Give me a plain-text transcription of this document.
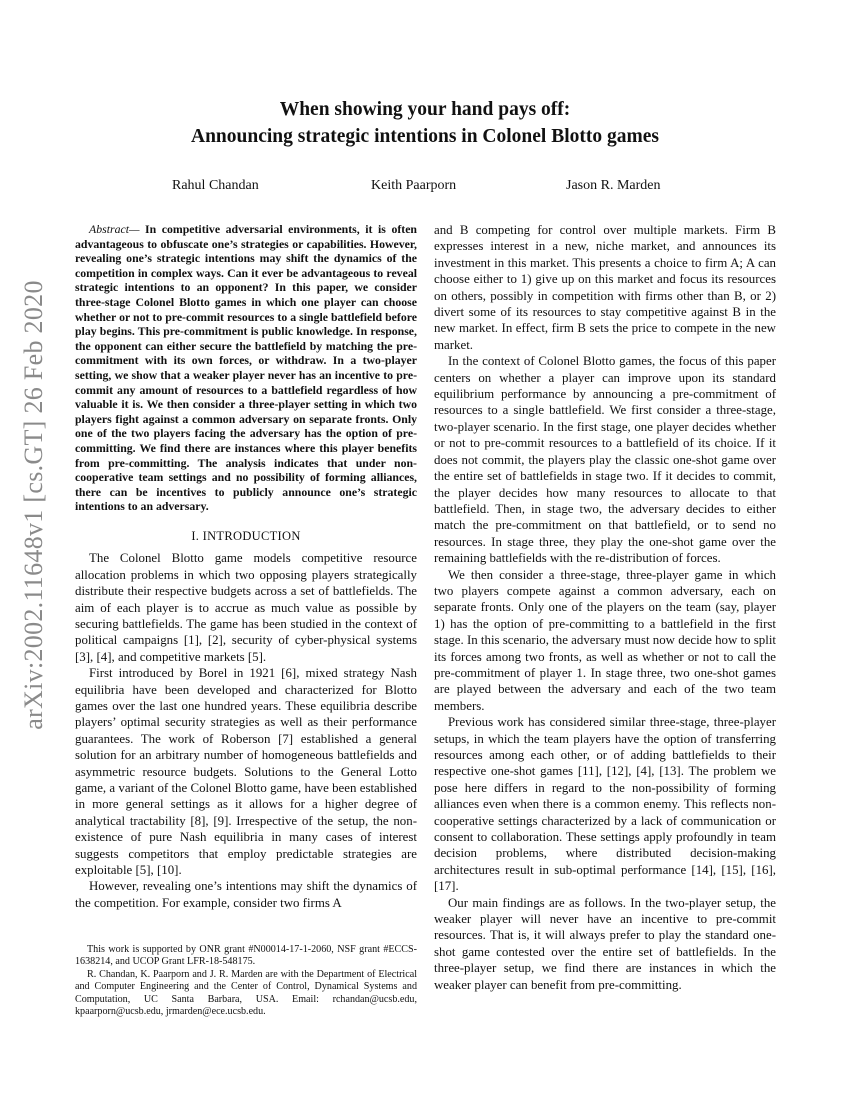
arXiv:2002.11648v1 [cs.GT] 26 Feb 2020
When showing your hand pays off:
Announcing strategic intentions in Colonel Blotto games
Rahul Chandan	Keith Paarporn	Jason R. Marden

Abstract— In competitive adversarial environments, it is often advantageous to obfuscate one’s strategies or capabilities. However, revealing one’s strategic intentions may shift the dynamics of the competition in complex ways. Can it ever be advantageous to reveal strategic intentions to an opponent? In this paper, we consider three-stage Colonel Blotto games in which one player can choose whether or not to pre-commit resources to a single battlefield before play begins. This pre-commitment is public knowledge. In response, the opponent can either secure the battlefield by matching the pre-commitment with its own forces, or withdraw. In a two-player setting, we show that a weaker player never has an incentive to pre-commit any amount of resources to a battlefield regardless of how valuable it is. We then consider a three-player setting in which two players fight against a common adversary on separate fronts. Only one of the two players facing the adversary has the option of pre-committing. We find there are instances where this player benefits from pre-committing. The analysis indicates that under non-cooperative team settings and no possibility of forming alliances, there can be incentives to publicly announce one’s strategic intentions to an adversary.

I. INTRODUCTION

The Colonel Blotto game models competitive resource allocation problems in which two opposing players strategically distribute their respective budgets across a set of battlefields. The aim of each player is to accrue as much value as possible by securing battlefields. The game has been studied in the context of political campaigns [1], [2], security of cyber-physical systems [3], [4], and competitive markets [5].

First introduced by Borel in 1921 [6], mixed strategy Nash equilibria have been developed and characterized for Blotto games over the last one hundred years. These equilibria describe players’ optimal security strategies as well as their performance guarantees. The work of Roberson [7] established a general solution for an arbitrary number of homogeneous battlefields and asymmetric resource budgets. Solutions to the General Lotto game, a variant of the Colonel Blotto game, have been established in more general settings as it allows for a higher degree of analytical tractability [8], [9]. Irrespective of the setup, the non-existence of pure Nash equilibria in many cases of interest suggests competitors that employ predictable strategies are exploitable [5], [10].

However, revealing one’s intentions may shift the dynamics of the competition. For example, consider two firms A

This work is supported by ONR grant #N00014-17-1-2060, NSF grant #ECCS-1638214, and UCOP Grant LFR-18-548175.

R. Chandan, K. Paarporn and J. R. Marden are with the Department of Electrical and Computer Engineering and the Center of Control, Dynamical Systems and Computation, UC Santa Barbara, USA. Email: rchandan@ucsb.edu, kpaarporn@ucsb.edu, jrmarden@ece.ucsb.edu.

and B competing for control over multiple markets. Firm B expresses interest in a new, niche market, and announces its investment in this market. This presents a choice to firm A; A can choose either to 1) give up on this market and focus its resources on others, possibly in competition with firms other than B, or 2) divert some of its resources to stay competitive against B in the new market. In effect, firm B sets the price to compete in the new market.

In the context of Colonel Blotto games, the focus of this paper centers on whether a player can improve upon its standard equilibrium performance by announcing a pre-commitment of resources to a single battlefield. We first consider a three-stage, two-player scenario. In the first stage, one player decides whether or not to pre-commit resources to a battlefield of its choice. If it does not commit, the players play the classic one-shot game over the entire set of battlefields in stage two. If it decides to commit, the player decides how many resources to allocate to that battlefield. Then, in stage two, the adversary decides to either match the pre-commitment on that battlefield, or to send no resources. In stage three, they play the one-shot game over the remaining battlefields with the re-distribution of forces.

We then consider a three-stage, three-player game in which two players compete against a common adversary, each on separate fronts. Only one of the players on the team (say, player 1) has the option of pre-committing to a battlefield in the first stage. In this scenario, the adversary must now decide how to split its forces among two fronts, as well as whether or not to call the pre-commitment of player 1. In stage three, two one-shot games are played between the adversary and each of the two team members.

Previous work has considered similar three-stage, three-player setups, in which the team players have the option of transferring resources among each other, or of adding battlefields to their respective one-shot games [11], [12], [4], [13]. The problem we pose here differs in regard to the non-possibility of forming alliances even when there is a common enemy. This reflects non-cooperative settings characterized by a lack of communication or consent to collaboration. These settings apply profoundly in team decision problems, where distributed decision-making architectures result in sub-optimal performance [14], [15], [16], [17].

Our main findings are as follows. In the two-player setup, the weaker player will never have an incentive to pre-commit resources. That is, it will always prefer to play the standard one-shot game contested over the entire set of battlefields. In the three-player setup, we find there are instances in which the weaker player can benefit from pre-committing.
